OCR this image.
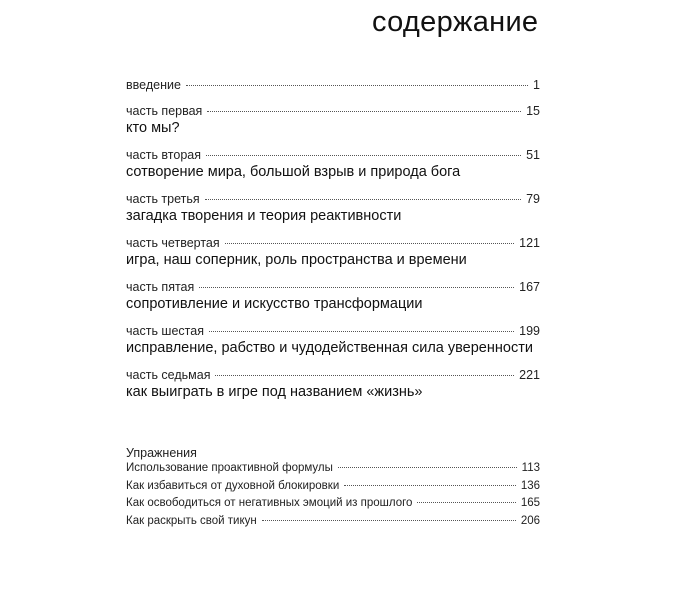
содержание
введение	1
часть первая	15
кто мы?
часть вторая	51
сотворение мира, большой взрыв и природа бога
часть третья	79
загадка творения и теория реактивности
часть четвертая	121
игра, наш соперник, роль пространства и времени
часть пятая	167
сопротивление и искусство трансформации
часть шестая	199
исправление, рабство и чудодейственная сила уверенности
часть седьмая	221
как выиграть в игре под названием «жизнь»
Упражнения
Использование проактивной формулы	113
Как избавиться от духовной блокировки	136
Как освободиться от негативных эмоций из прошлого	165
Как раскрыть свой тикун	206
